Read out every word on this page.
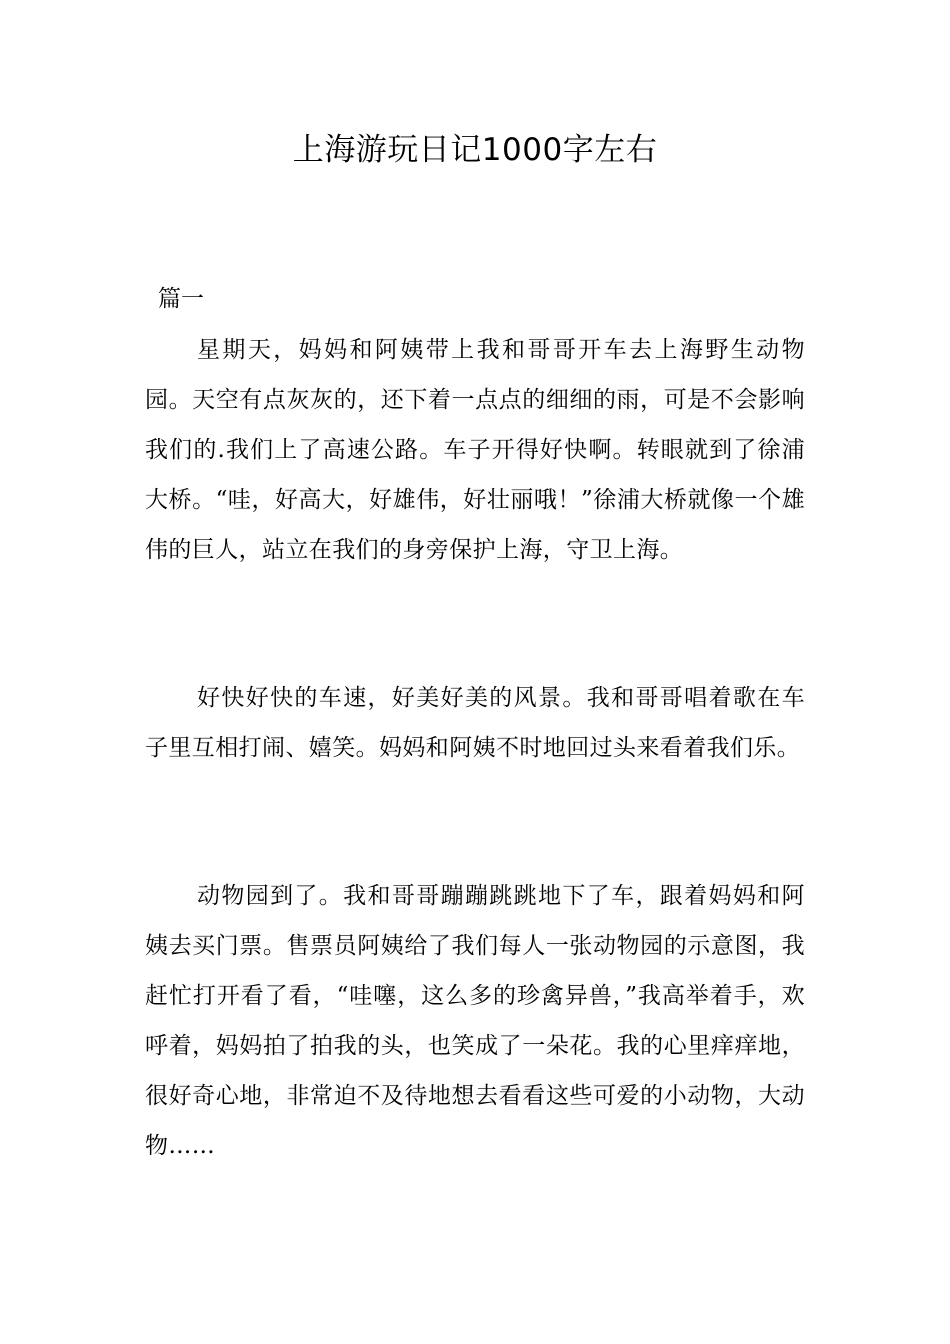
上海游玩日记1000字左右
篇一

星期天，妈妈和阿姨带上我和哥哥开车去上海野生动物园。天空有点灰灰的，还下着一点点的细细的雨，可是不会影响我们的.我们上了高速公路。车子开得好快啊。转眼就到了徐浦大桥。“哇，好高大，好雄伟，好壮丽哦！”徐浦大桥就像一个雄伟的巨人，站立在我们的身旁保护上海，守卫上海。

好快好快的车速，好美好美的风景。我和哥哥唱着歌在车子里互相打闹、嬉笑。妈妈和阿姨不时地回过头来看着我们乐。

动物园到了。我和哥哥蹦蹦跳跳地下了车，跟着妈妈和阿姨去买门票。售票员阿姨给了我们每人一张动物园的示意图，我赶忙打开看了看，“哇噻，这么多的珍禽异兽，”我高举着手，欢呼着，妈妈拍了拍我的头，也笑成了一朵花。我的心里痒痒地，很好奇心地，非常迫不及待地想去看看这些可爱的小动物，大动物……
